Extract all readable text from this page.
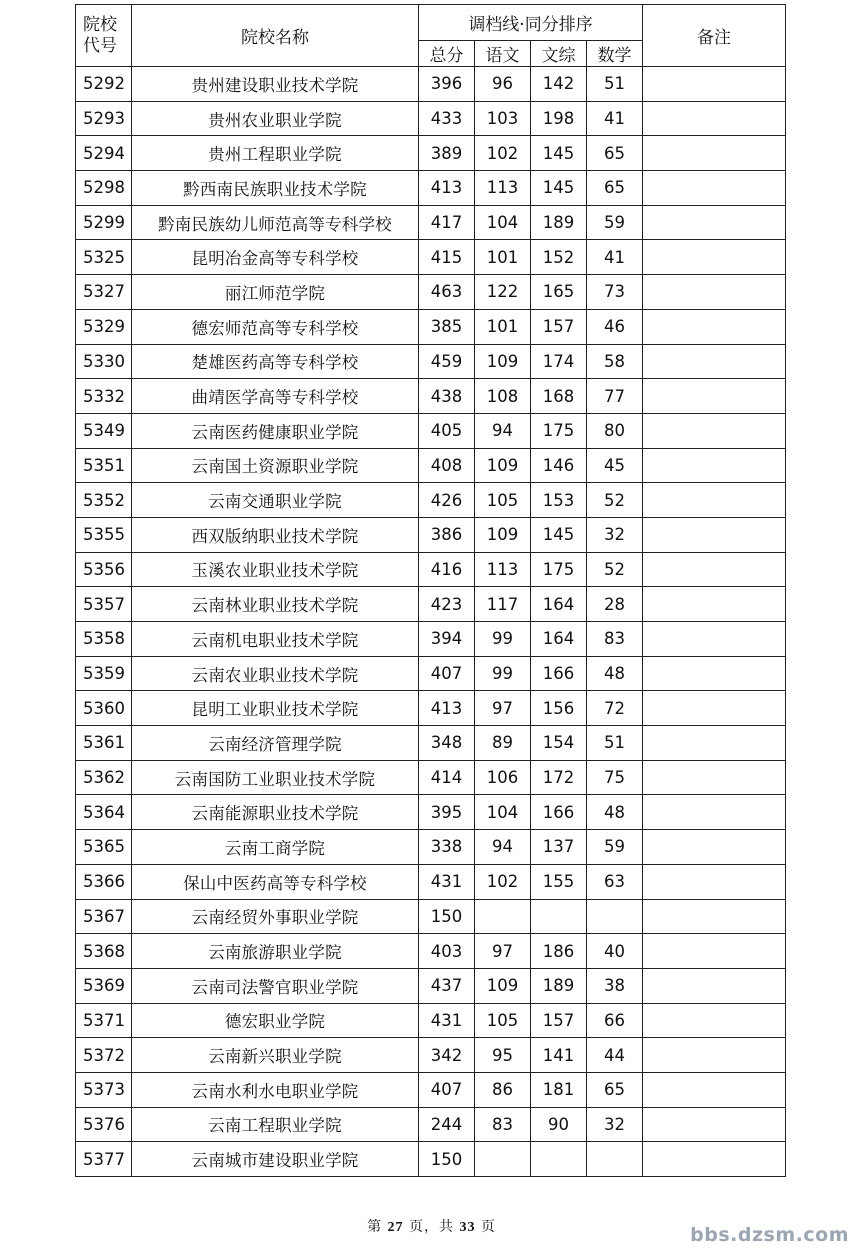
院校
代号	院校名称	调档线·同分排序				备注
		总分	语文	文综	数学	
5292	贵州建设职业技术学院	396	96	142	51	
5293	贵州农业职业学院	433	103	198	41	
5294	贵州工程职业学院	389	102	145	65	
5298	黔西南民族职业技术学院	413	113	145	65	
5299	黔南民族幼儿师范高等专科学校	417	104	189	59	
5325	昆明冶金高等专科学校	415	101	152	41	
5327	丽江师范学院	463	122	165	73	
5329	德宏师范高等专科学校	385	101	157	46	
5330	楚雄医药高等专科学校	459	109	174	58	
5332	曲靖医学高等专科学校	438	108	168	77	
5349	云南医药健康职业学院	405	94	175	80	
5351	云南国土资源职业学院	408	109	146	45	
5352	云南交通职业学院	426	105	153	52	
5355	西双版纳职业技术学院	386	109	145	32	
5356	玉溪农业职业技术学院	416	113	175	52	
5357	云南林业职业技术学院	423	117	164	28	
5358	云南机电职业技术学院	394	99	164	83	
5359	云南农业职业技术学院	407	99	166	48	
5360	昆明工业职业技术学院	413	97	156	72	
5361	云南经济管理学院	348	89	154	51	
5362	云南国防工业职业技术学院	414	106	172	75	
5364	云南能源职业技术学院	395	104	166	48	
5365	云南工商学院	338	94	137	59	
5366	保山中医药高等专科学校	431	102	155	63	
5367	云南经贸外事职业学院	150				
5368	云南旅游职业学院	403	97	186	40	
5369	云南司法警官职业学院	437	109	189	38	
5371	德宏职业学院	431	105	157	66	
5372	云南新兴职业学院	342	95	141	44	
5373	云南水利水电职业学院	407	86	181	65	
5376	云南工程职业学院	244	83	90	32	
5377	云南城市建设职业学院	150				
第 27 页，共 33 页	bbs.dzsm.com
